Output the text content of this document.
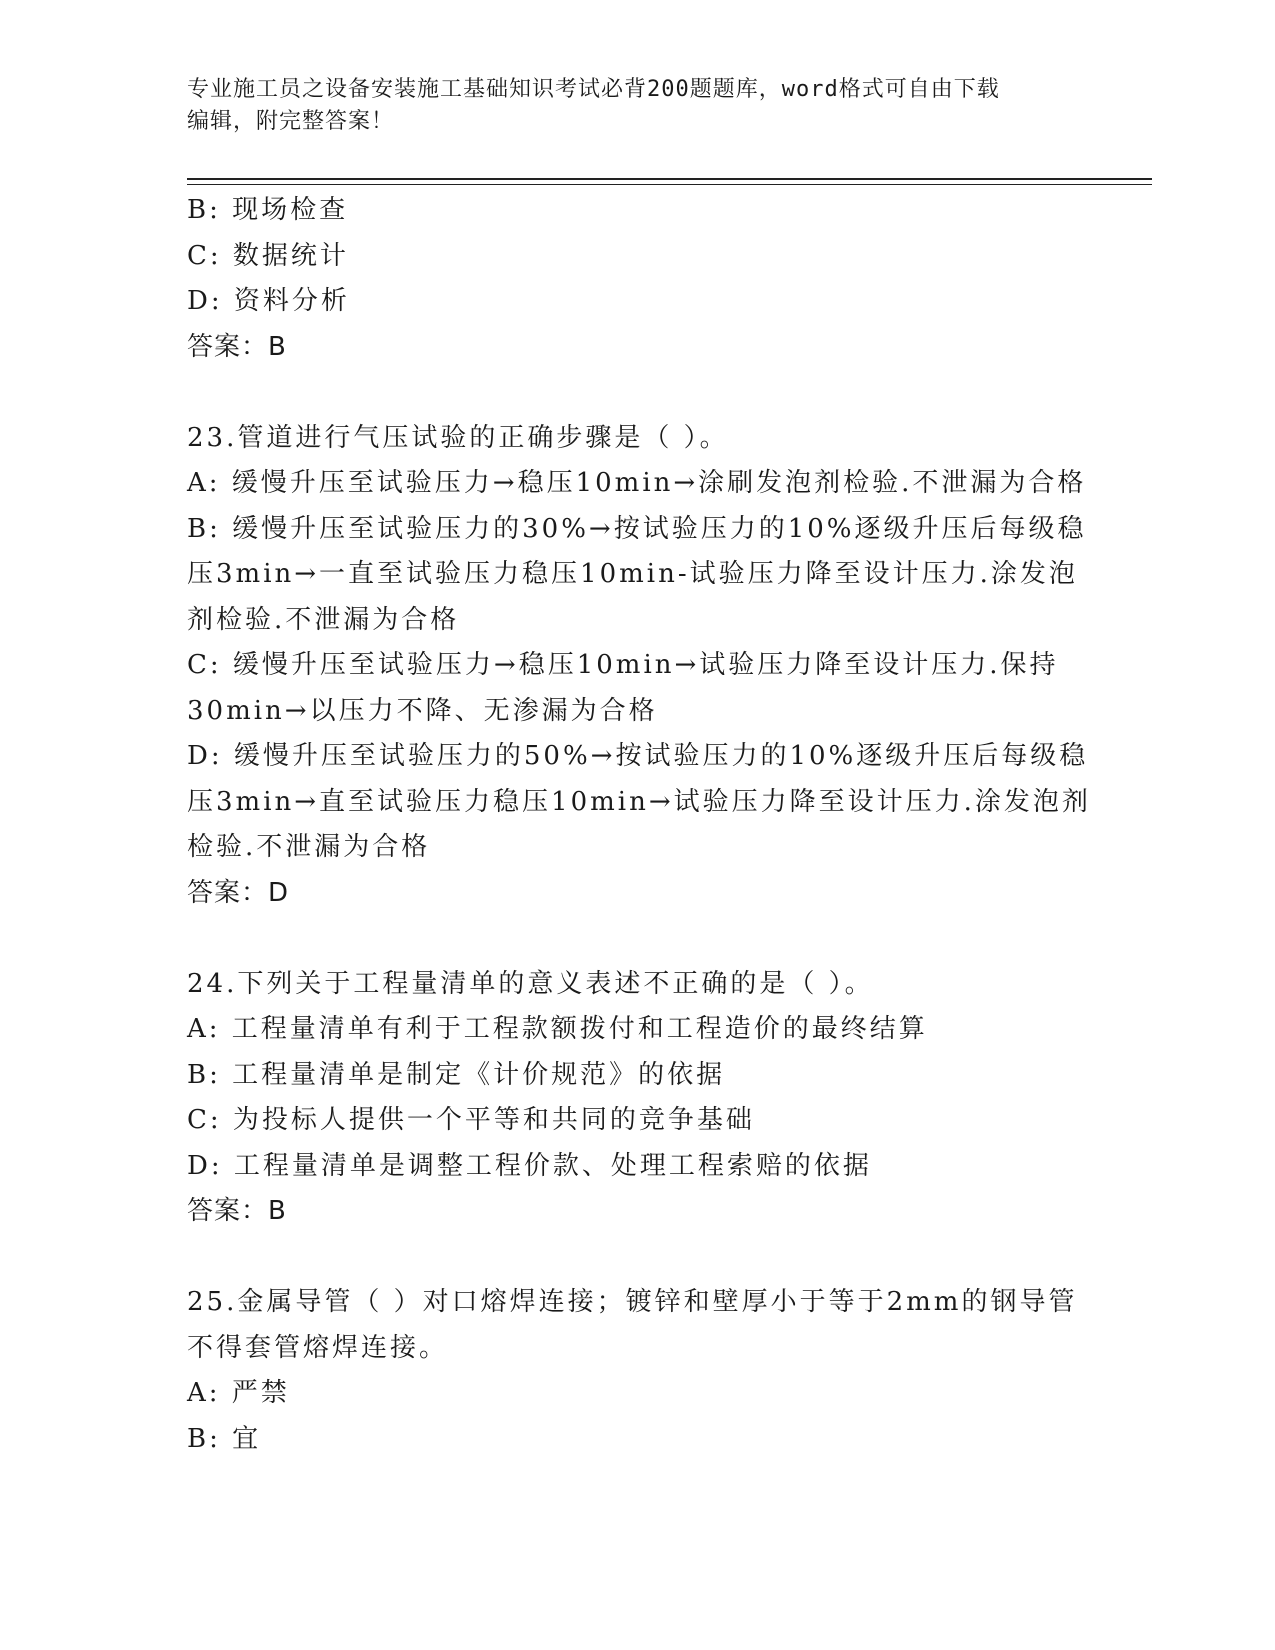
专业施工员之设备安装施工基础知识考试必背200题题库，word格式可自由下载
编辑，附完整答案！
B: 现场检查
C: 数据统计
D: 资料分析
答案：B
23.管道进行气压试验的正确步骤是（ ）。
A: 缓慢升压至试验压力→稳压10min→涂刷发泡剂检验.不泄漏为合格
B: 缓慢升压至试验压力的30%→按试验压力的10%逐级升压后每级稳
压3min→一直至试验压力稳压10min-试验压力降至设计压力.涂发泡
剂检验.不泄漏为合格
C: 缓慢升压至试验压力→稳压10min→试验压力降至设计压力.保持
30min→以压力不降、无渗漏为合格
D: 缓慢升压至试验压力的50%→按试验压力的10%逐级升压后每级稳
压3min→直至试验压力稳压10min→试验压力降至设计压力.涂发泡剂
检验.不泄漏为合格
答案：D
24.下列关于工程量清单的意义表述不正确的是（ ）。
A: 工程量清单有利于工程款额拨付和工程造价的最终结算
B: 工程量清单是制定《计价规范》的依据
C: 为投标人提供一个平等和共同的竞争基础
D: 工程量清单是调整工程价款、处理工程索赔的依据
答案：B
25.金属导管（ ）对口熔焊连接；镀锌和壁厚小于等于2mm的钢导管
不得套管熔焊连接。
A: 严禁
B: 宜
